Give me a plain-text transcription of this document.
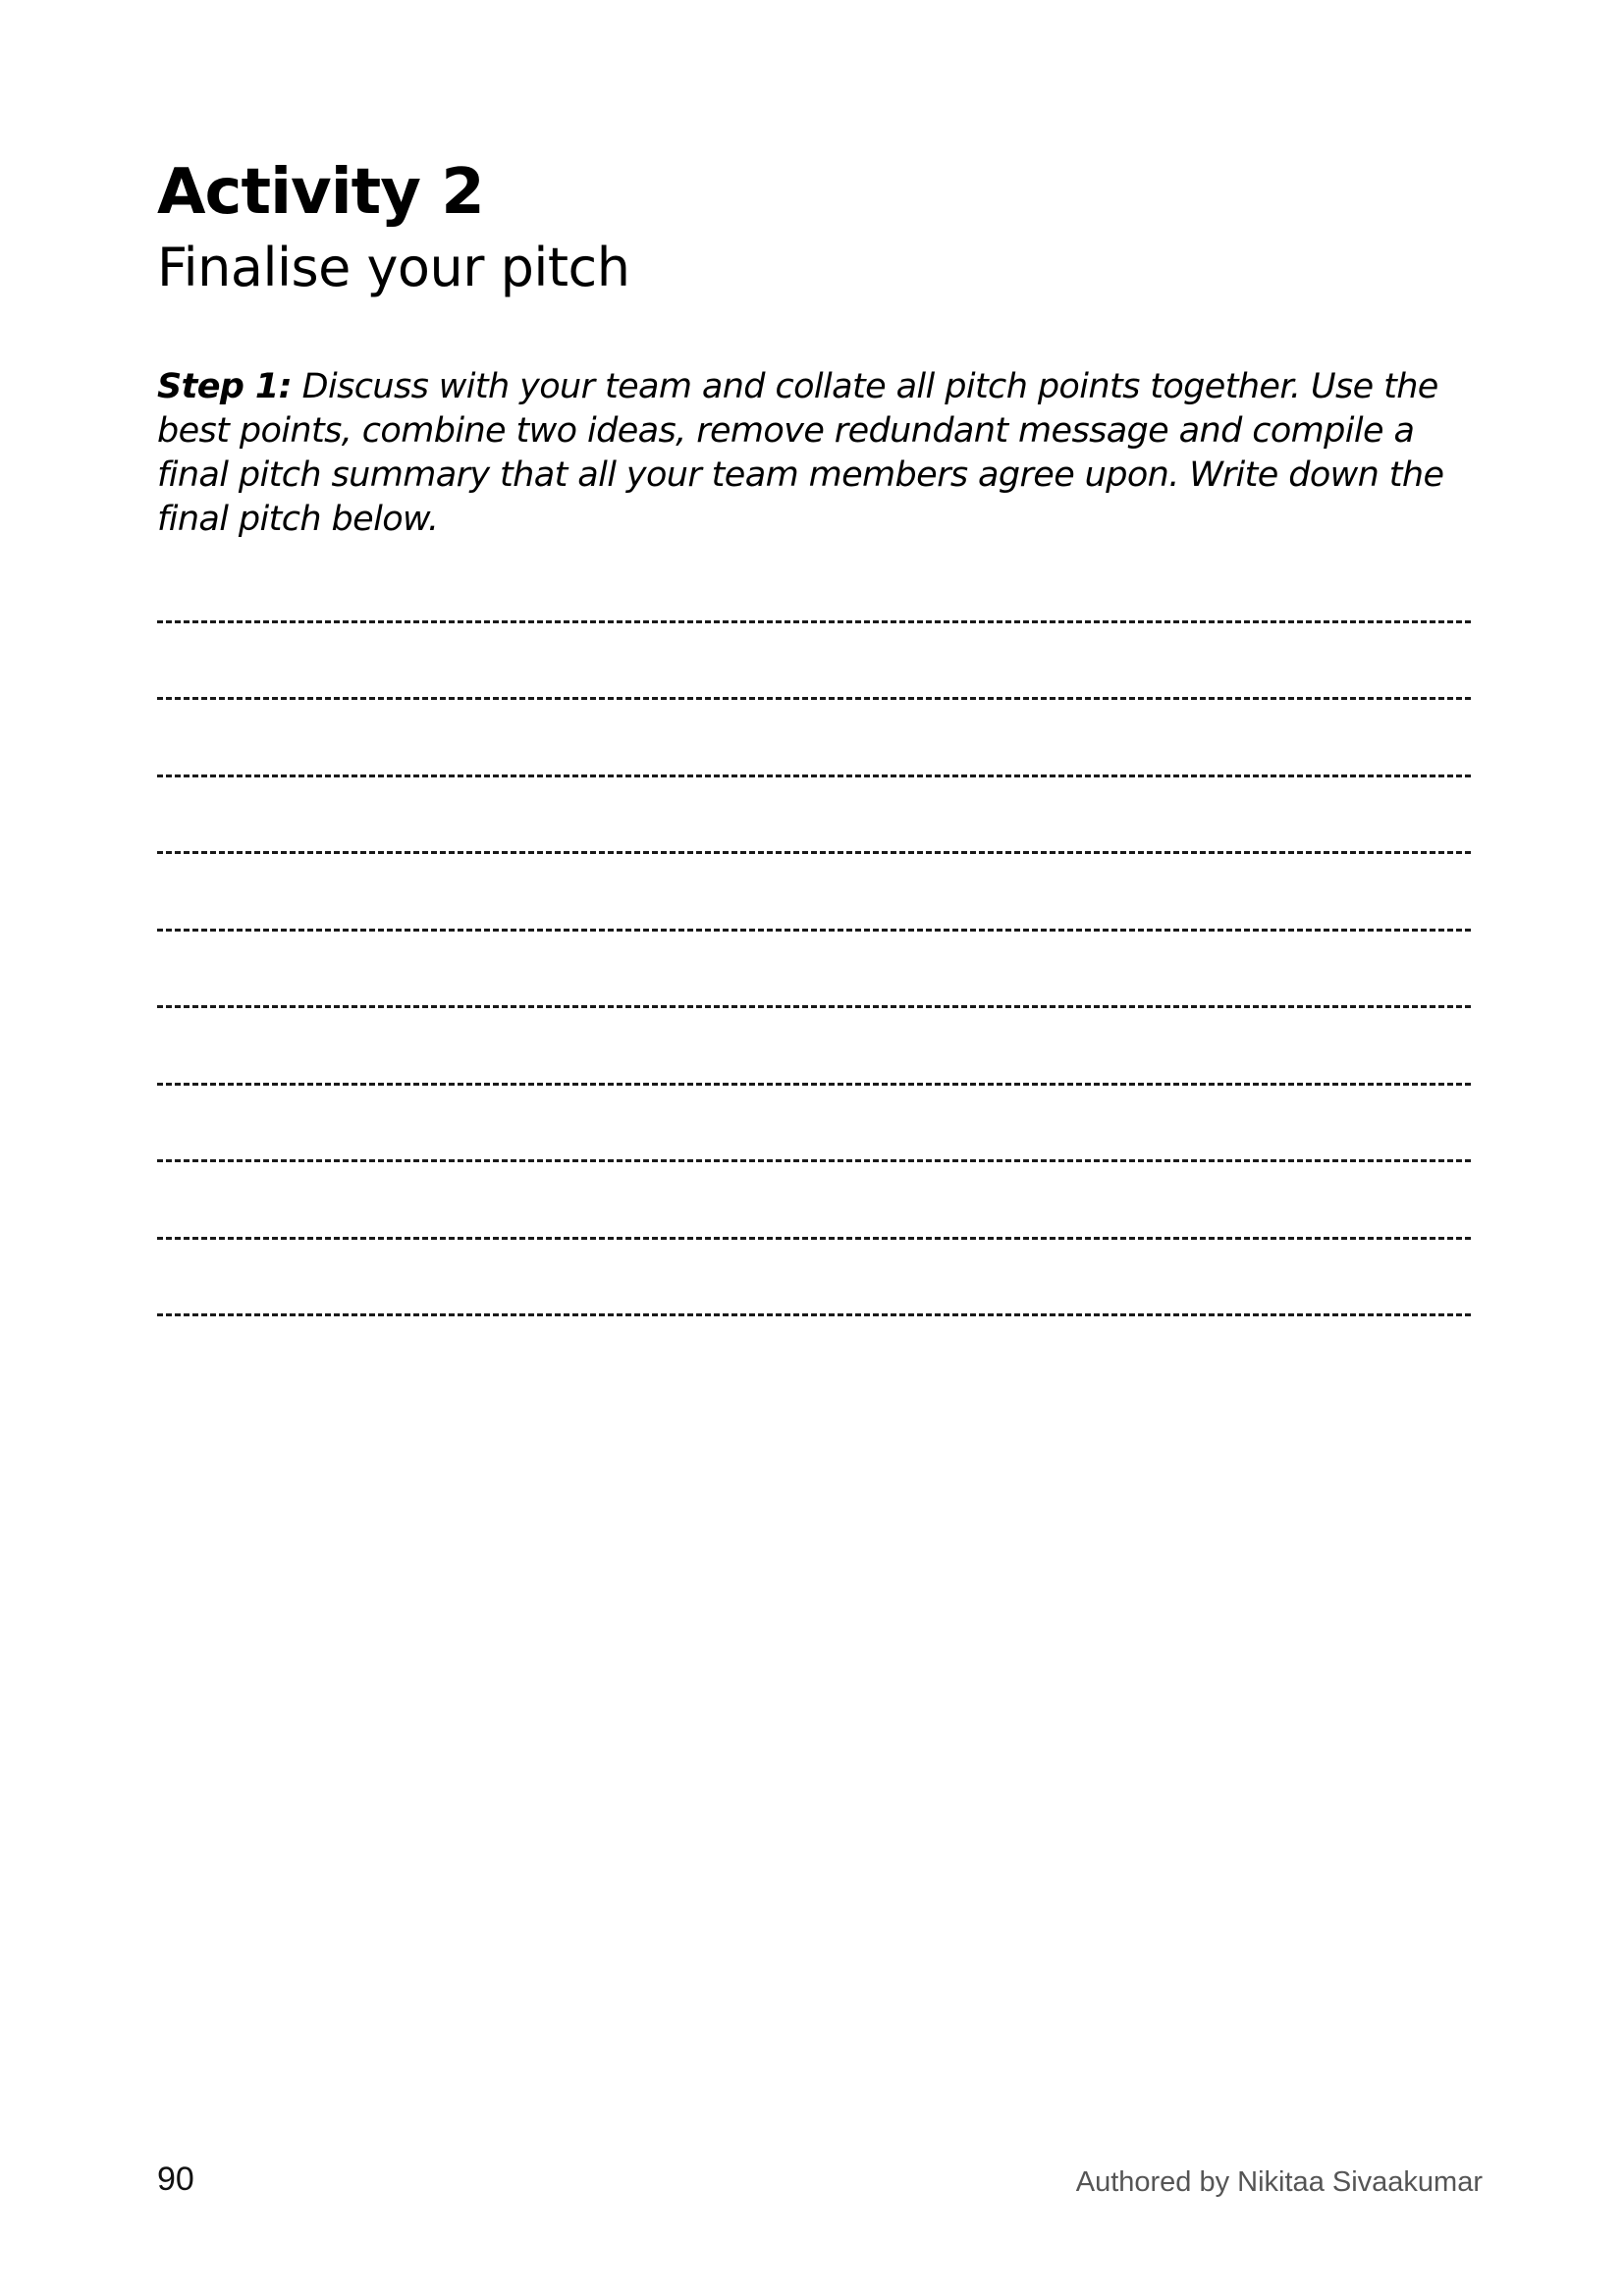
Activity 2
Finalise your pitch

Step 1: Discuss with your team and collate all pitch points together. Use the best points, combine two ideas, remove redundant message and compile a final pitch summary that all your team members agree upon. Write down the final pitch below.

90	Authored by Nikitaa Sivaakumar
